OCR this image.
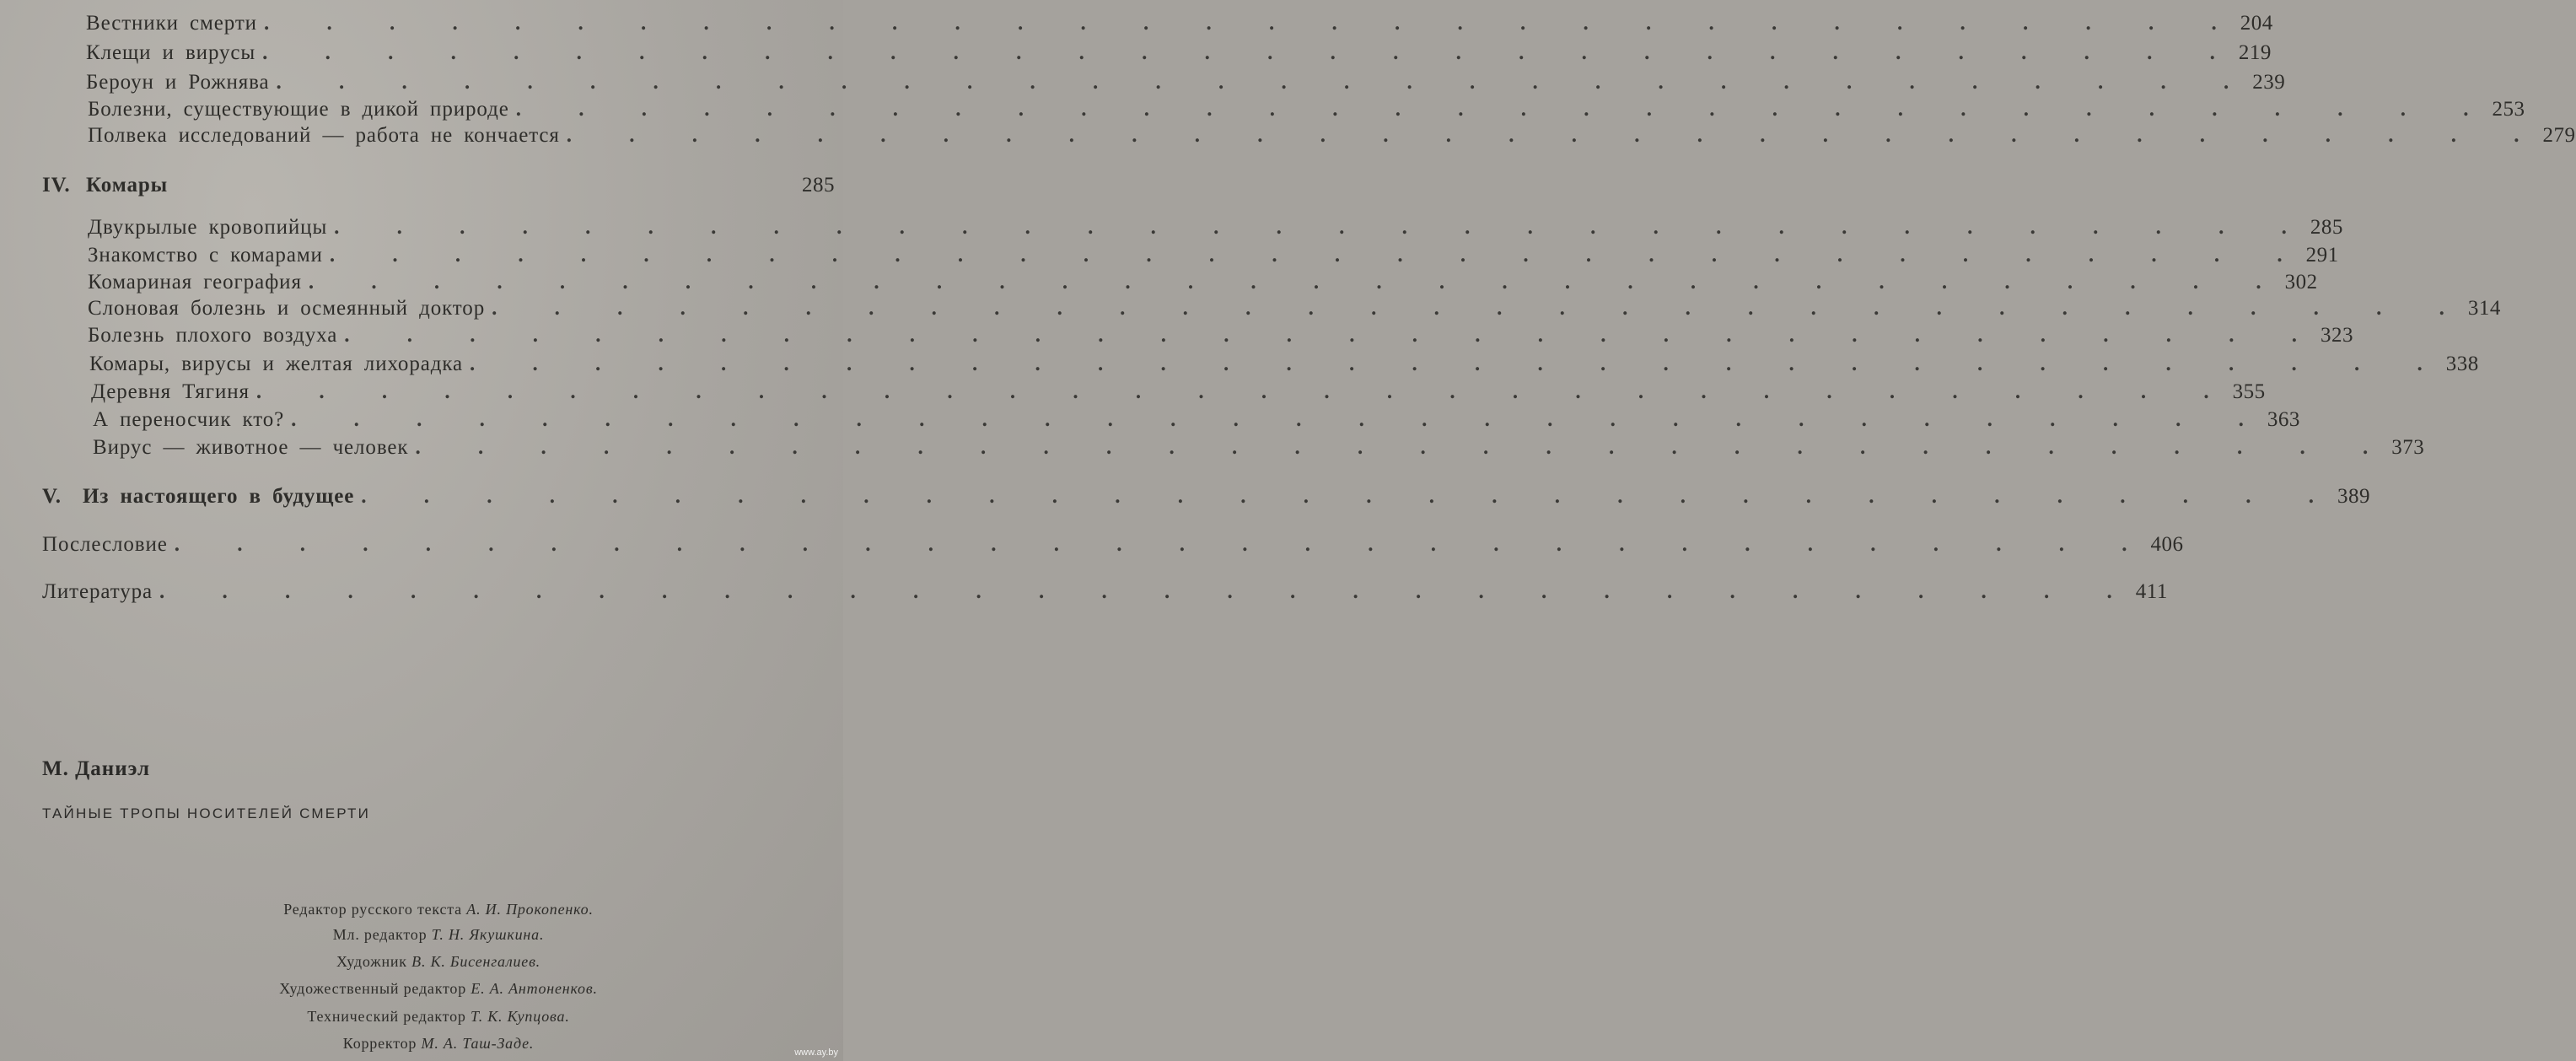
Вестники смерти . . . . . . . . . . . . . . . . . . . . . . . . . . . . . . . . 204
Клещи и вирусы . . . . . . . . . . . . . . . . . . . . . . . . . . . . . . . . 219
Бероун и Рожнява . . . . . . . . . . . . . . . . . . . . . . . . . . . . . . . . 239
Болезни, существующие в дикой природе . . . . . . . . . . . . . . . . . . . . . . . . . . . . . . . . 253
Полвека исследований — работа не кончается . . . . . . . . . . . . . . . . . . . . . . . . . . . . . . . . 279
IV. Комары	285
Двукрылые кровопийцы . . . . . . . . . . . . . . . . . . . . . . . . . . . . . . . . 285
Знакомство с комарами . . . . . . . . . . . . . . . . . . . . . . . . . . . . . . . . 291
Комариная география . . . . . . . . . . . . . . . . . . . . . . . . . . . . . . . . 302
Слоновая болезнь и осмеянный доктор . . . . . . . . . . . . . . . . . . . . . . . . . . . . . . . . 314
Болезнь плохого воздуха . . . . . . . . . . . . . . . . . . . . . . . . . . . . . . . . 323
Комары, вирусы и желтая лихорадка . . . . . . . . . . . . . . . . . . . . . . . . . . . . . . . . 338
Деревня Тягиня . . . . . . . . . . . . . . . . . . . . . . . . . . . . . . . . 355
А переносчик кто? . . . . . . . . . . . . . . . . . . . . . . . . . . . . . . . . 363
Вирус — животное — человек . . . . . . . . . . . . . . . . . . . . . . . . . . . . . . . . 373
V. Из настоящего в будущее . . . . . . . . . . . . . . . . . . . . . . . . . . . . . . . . 389
Послесловие . . . . . . . . . . . . . . . . . . . . . . . . . . . . . . . . 406
Литература . . . . . . . . . . . . . . . . . . . . . . . . . . . . . . . . 411
М. Даниэл
ТАЙНЫЕ ТРОПЫ НОСИТЕЛЕЙ СМЕРТИ
Редактор русского текста А. И. Прокопенко.
Мл. редактор Т. Н. Якушкина.
Художник В. К. Бисенгалиев.
Художественный редактор Е. А. Антоненков.
Технический редактор Т. К. Купцова.
Корректор М. А. Таш-Заде.
www.ay.by
